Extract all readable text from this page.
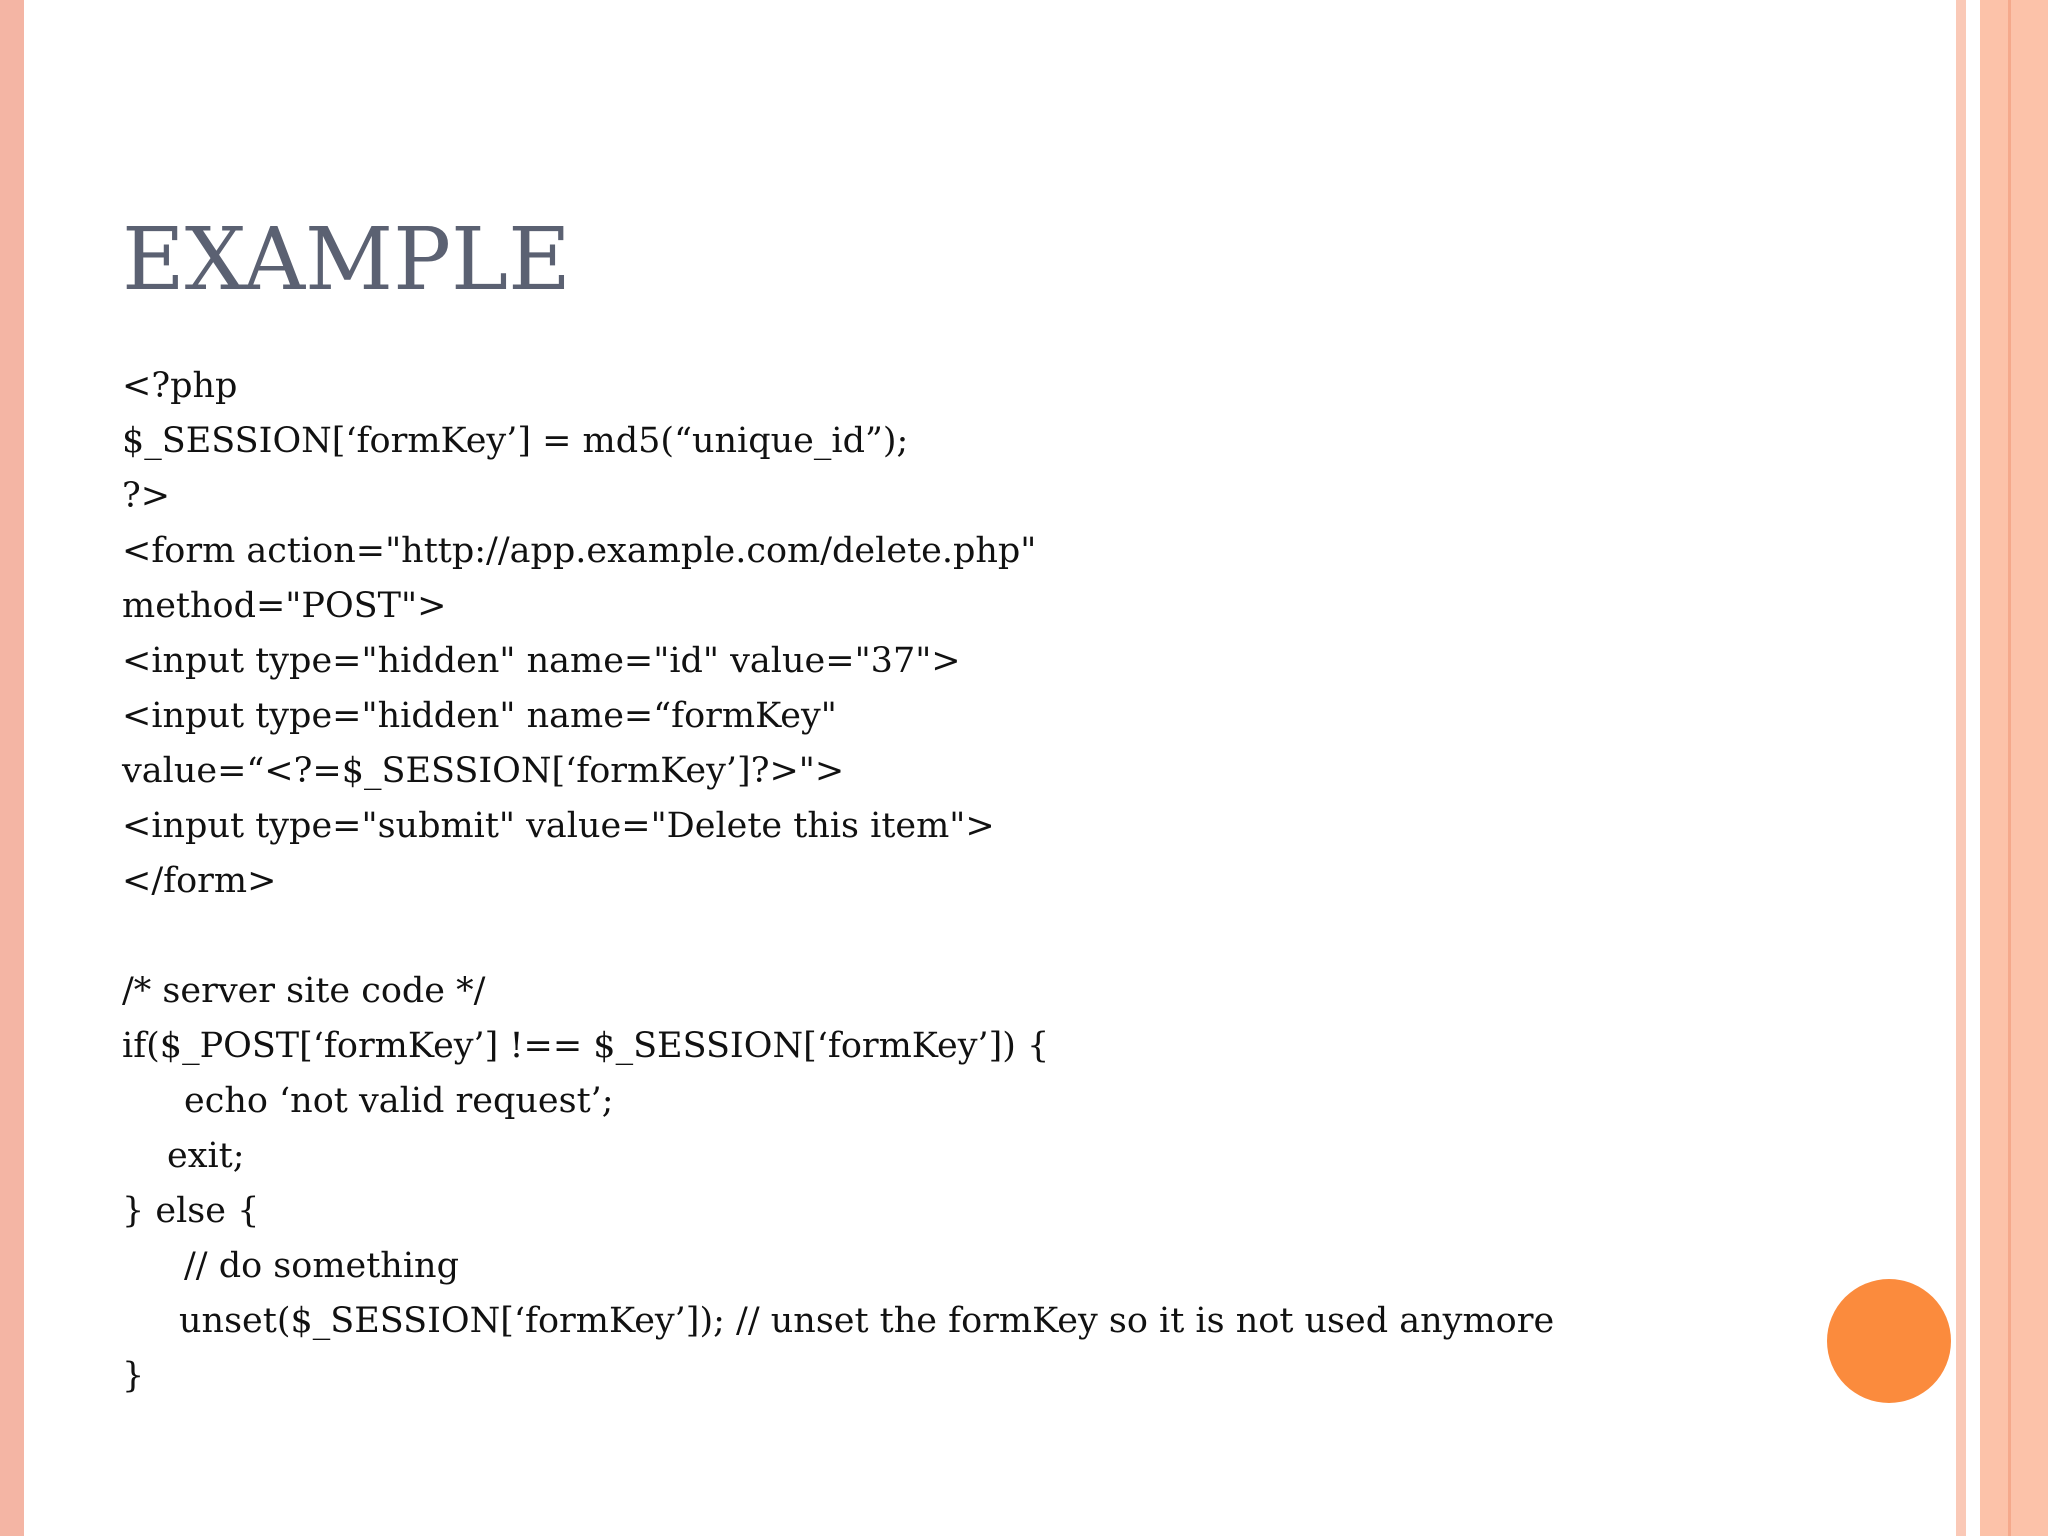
EXAMPLE
<?php
$_SESSION[‘formKey’] = md5(“unique_id”);
?>
<form action="http://app.example.com/delete.php"
method="POST">
<input type="hidden" name="id" value="37">
<input type="hidden" name=“formKey"
value=“<?=$_SESSION[‘formKey’]?>">
<input type="submit" value="Delete this item">
</form>
/* server site code */
if($_POST[‘formKey’] !== $_SESSION[‘formKey’]) {
echo ‘not valid request’;
exit;
} else {
// do something
unset($_SESSION[‘formKey’]); // unset the formKey so it is not used anymore
}
